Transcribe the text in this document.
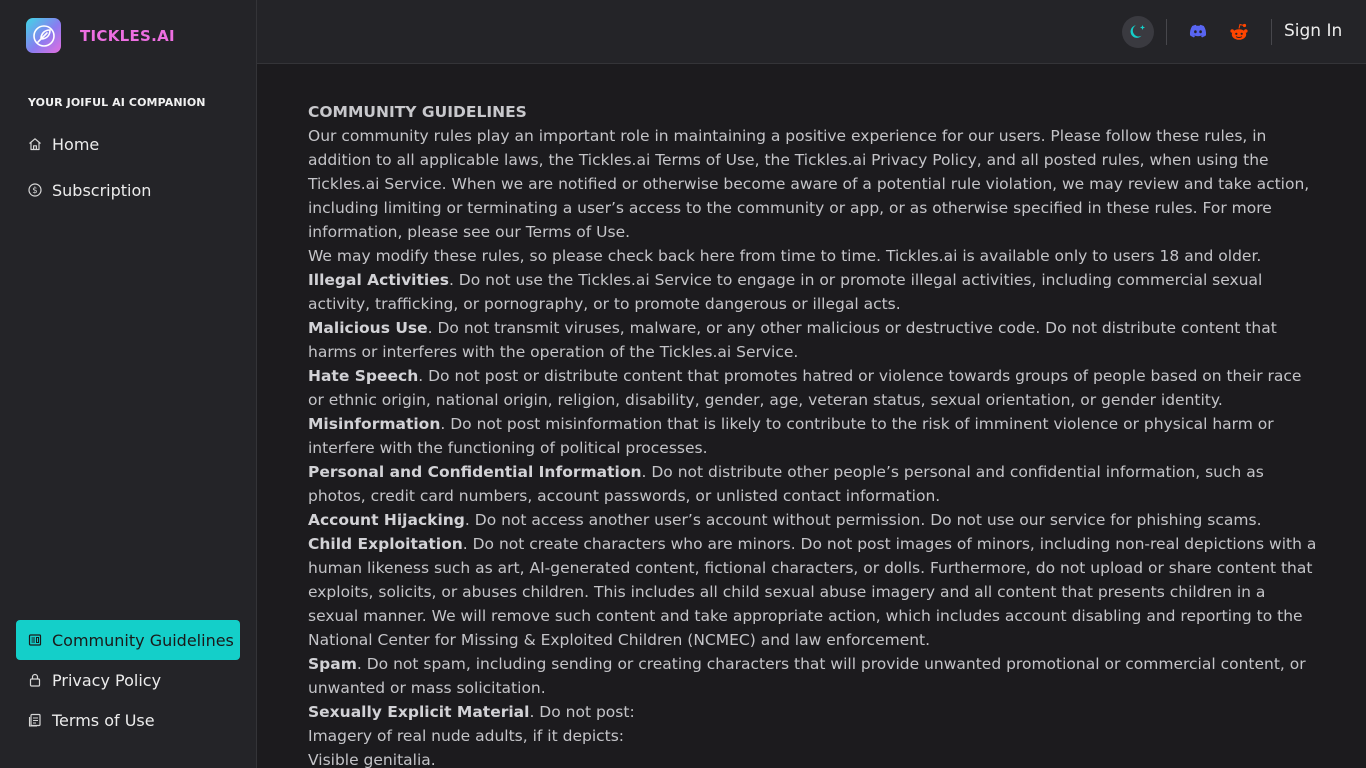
TICKLES.AI
YOUR JOIFUL AI COMPANION
Home
$ Subscription
Community Guidelines
Privacy Policy
Terms of Use
Sign In
COMMUNITY GUIDELINES

Our community rules play an important role in maintaining a positive experience for our users. Please follow these rules, in addition to all applicable laws, the Tickles.ai Terms of Use, the Tickles.ai Privacy Policy, and all posted rules, when using the Tickles.ai Service. When we are notified or otherwise become aware of a potential rule violation, we may review and take action, including limiting or terminating a user’s access to the community or app, or as otherwise specified in these rules. For more information, please see our Terms of Use.

We may modify these rules, so please check back here from time to time. Tickles.ai is available only to users 18 and older.

Illegal Activities. Do not use the Tickles.ai Service to engage in or promote illegal activities, including commercial sexual activity, trafficking, or pornography, or to promote dangerous or illegal acts.

Malicious Use. Do not transmit viruses, malware, or any other malicious or destructive code. Do not distribute content that harms or interferes with the operation of the Tickles.ai Service.

Hate Speech. Do not post or distribute content that promotes hatred or violence towards groups of people based on their race or ethnic origin, national origin, religion, disability, gender, age, veteran status, sexual orientation, or gender identity.

Misinformation. Do not post misinformation that is likely to contribute to the risk of imminent violence or physical harm or interfere with the functioning of political processes.

Personal and Confidential Information. Do not distribute other people’s personal and confidential information, such as photos, credit card numbers, account passwords, or unlisted contact information.

Account Hijacking. Do not access another user’s account without permission. Do not use our service for phishing scams.

Child Exploitation. Do not create characters who are minors. Do not post images of minors, including non-real depictions with a human likeness such as art, AI-generated content, fictional characters, or dolls. Furthermore, do not upload or share content that exploits, solicits, or abuses children. This includes all child sexual abuse imagery and all content that presents children in a sexual manner. We will remove such content and take appropriate action, which includes account disabling and reporting to the National Center for Missing & Exploited Children (NCMEC) and law enforcement.

Spam. Do not spam, including sending or creating characters that will provide unwanted promotional or commercial content, or unwanted or mass solicitation.

Sexually Explicit Material. Do not post:

Imagery of real nude adults, if it depicts:

Visible genitalia.
